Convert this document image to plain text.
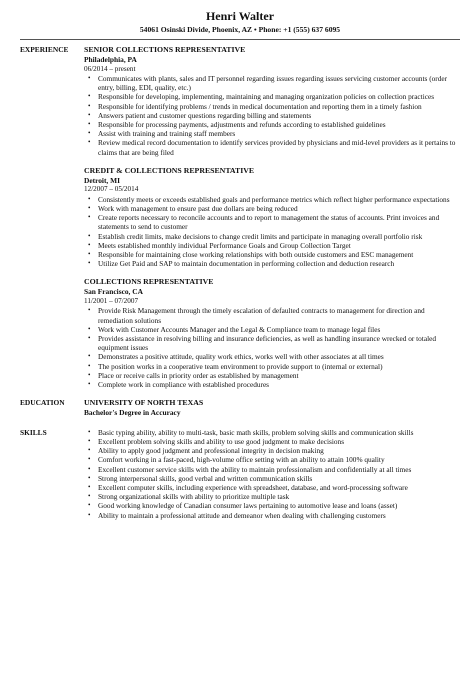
Henri Walter
54061 Osinski Divide, Phoenix, AZ • Phone: +1 (555) 637 6095
EXPERIENCE	SENIOR COLLECTIONS REPRESENTATIVE
Philadelphia, PA
06/2014 – present
• Communicates with plants, sales and IT personnel regarding issues regarding issues servicing customer accounts (order entry, billing, EDI, quality, etc.)
• Responsible for developing, implementing, maintaining and managing organization policies on collection practices
• Responsible for identifying problems / trends in medical documentation and reporting them in a timely fashion
• Answers patient and customer questions regarding billing and statements
• Responsible for processing payments, adjustments and refunds according to established guidelines
• Assist with training and training staff members
• Review medical record documentation to identify services provided by physicians and mid-level providers as it pertains to claims that are being filed
CREDIT & COLLECTIONS REPRESENTATIVE
Detroit, MI
12/2007 – 05/2014
• Consistently meets or exceeds established goals and performance metrics which reflect higher performance expectations
• Work with management to ensure past due dollars are being reduced
• Create reports necessary to reconcile accounts and to report to management the status of accounts. Print invoices and statements to send to customer
• Establish credit limits, make decisions to change credit limits and participate in managing overall portfolio risk
• Meets established monthly individual Performance Goals and Group Collection Target
• Responsible for maintaining close working relationships with both outside customers and ESC management
• Utilize Get Paid and SAP to maintain documentation in performing collection and deduction research
COLLECTIONS REPRESENTATIVE
San Francisco, CA
11/2001 – 07/2007
• Provide Risk Management through the timely escalation of defaulted contracts to management for direction and remediation solutions
• Work with Customer Accounts Manager and the Legal & Compliance team to manage legal files
• Provides assistance in resolving billing and insurance deficiencies, as well as handling insurance wrecked or totaled equipment issues
• Demonstrates a positive attitude, quality work ethics, works well with other associates at all times
• The position works in a cooperative team environment to provide support to (internal or external)
• Place or receive calls in priority order as established by management
• Complete work in compliance with established procedures
EDUCATION	UNIVERSITY OF NORTH TEXAS
Bachelor's Degree in Accuracy
SKILLS
•	Basic typing ability, ability to multi-task, basic math skills, problem solving skills and communication skills
• Excellent problem solving skills and ability to use good judgment to make decisions
• Ability to apply good judgment and professional integrity in decision making
• Comfort working in a fast-paced, high-volume office setting with an ability to attain 100% quality
• Excellent customer service skills with the ability to maintain professionalism and confidentially at all times
• Strong interpersonal skills, good verbal and written communication skills
• Excellent computer skills, including experience with spreadsheet, database, and word-processing software
• Strong organizational skills with ability to prioritize multiple task
• Good working knowledge of Canadian consumer laws pertaining to automotive lease and loans (asset)
• Ability to maintain a professional attitude and demeanor when dealing with challenging customers
